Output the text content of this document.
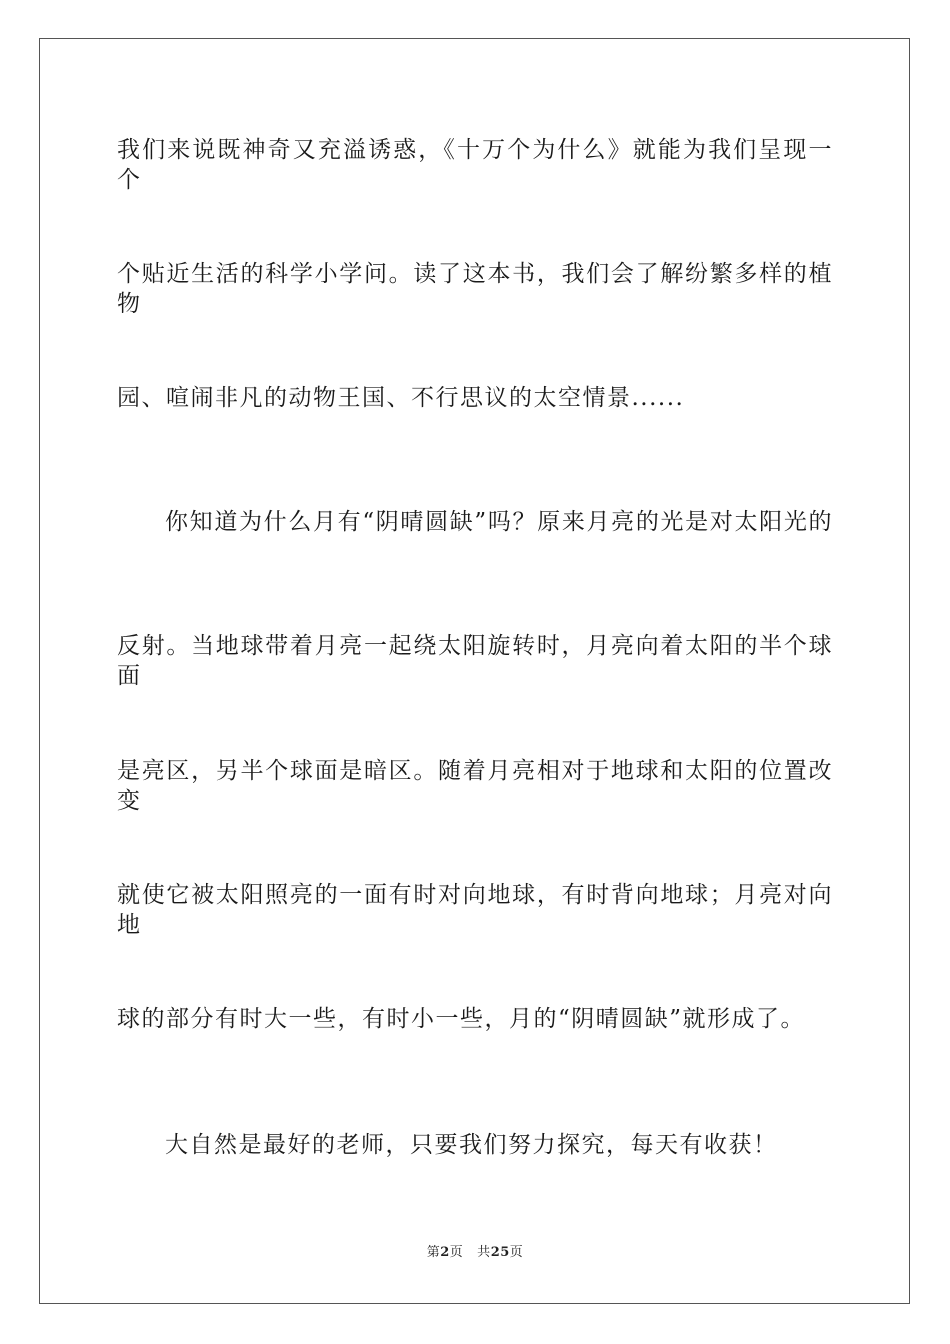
我们来说既神奇又充溢诱惑，《十万个为什么》就能为我们呈现一个
个贴近生活的科学小学问。读了这本书，我们会了解纷繁多样的植物
园、喧闹非凡的动物王国、不行思议的太空情景......
你知道为什么月有“阴晴圆缺”吗？原来月亮的光是对太阳光的
反射。当地球带着月亮一起绕太阳旋转时，月亮向着太阳的半个球面
是亮区，另半个球面是暗区。随着月亮相对于地球和太阳的位置改变
就使它被太阳照亮的一面有时对向地球，有时背向地球；月亮对向地
球的部分有时大一些，有时小一些，月的“阴晴圆缺”就形成了。
大自然是最好的老师，只要我们努力探究，每天有收获！
第2页 共25页
